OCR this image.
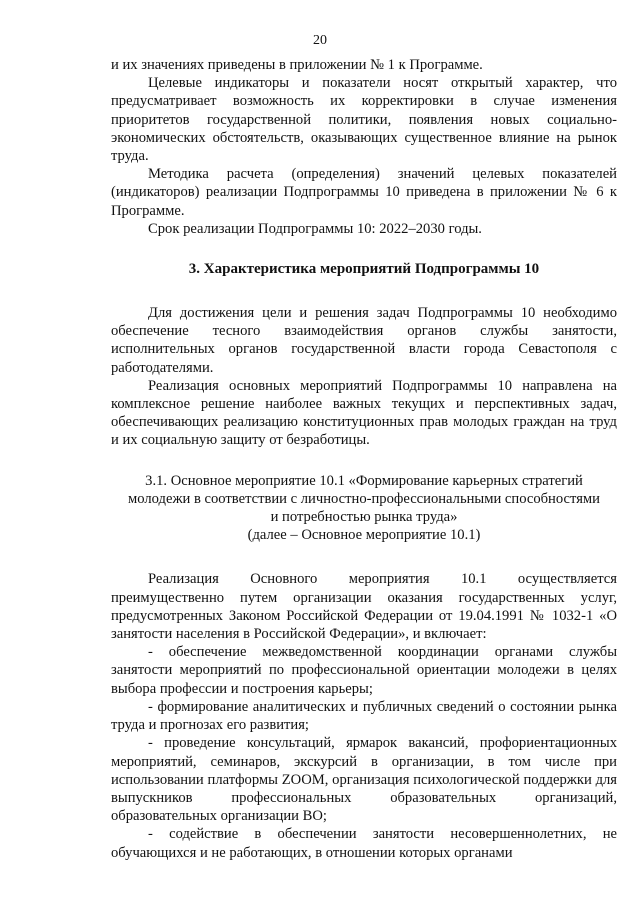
20

и их значениях приведены в приложении № 1 к Программе.

Целевые индикаторы и показатели носят открытый характер, что предусматривает возможность их корректировки в случае изменения приоритетов государственной политики, появления новых социально-экономических обстоятельств, оказывающих существенное влияние на рынок труда.

Методика расчета (определения) значений целевых показателей (индикаторов) реализации Подпрограммы 10 приведена в приложении № 6 к Программе.

Срок реализации Подпрограммы 10: 2022–2030 годы.

3. Характеристика мероприятий Подпрограммы 10

Для достижения цели и решения задач Подпрограммы 10 необходимо обеспечение тесного взаимодействия органов службы занятости, исполнительных органов государственной власти города Севастополя с работодателями.

Реализация основных мероприятий Подпрограммы 10 направлена на комплексное решение наиболее важных текущих и перспективных задач, обеспечивающих реализацию конституционных прав молодых граждан на труд и их социальную защиту от безработицы.

3.1. Основное мероприятие 10.1 «Формирование карьерных стратегий
молодежи в соответствии с личностно-профессиональными способностями
и потребностью рынка труда»
(далее – Основное мероприятие 10.1)

Реализация Основного мероприятия 10.1 осуществляется преимущественно путем организации оказания государственных услуг, предусмотренных Законом Российской Федерации от 19.04.1991 № 1032-1 «О занятости населения в Российской Федерации», и включает:

- обеспечение межведомственной координации органами службы занятости мероприятий по профессиональной ориентации молодежи в целях выбора профессии и построения карьеры;

- формирование аналитических и публичных сведений о состоянии рынка труда и прогнозах его развития;

- проведение консультаций, ярмарок вакансий, профориентационных мероприятий, семинаров, экскурсий в организации, в том числе при использовании платформы ZOOM, организация психологической поддержки для выпускников профессиональных образовательных организаций, образовательных организации ВО;

- содействие в обеспечении занятости несовершеннолетних, не обучающихся и не работающих, в отношении которых органами
